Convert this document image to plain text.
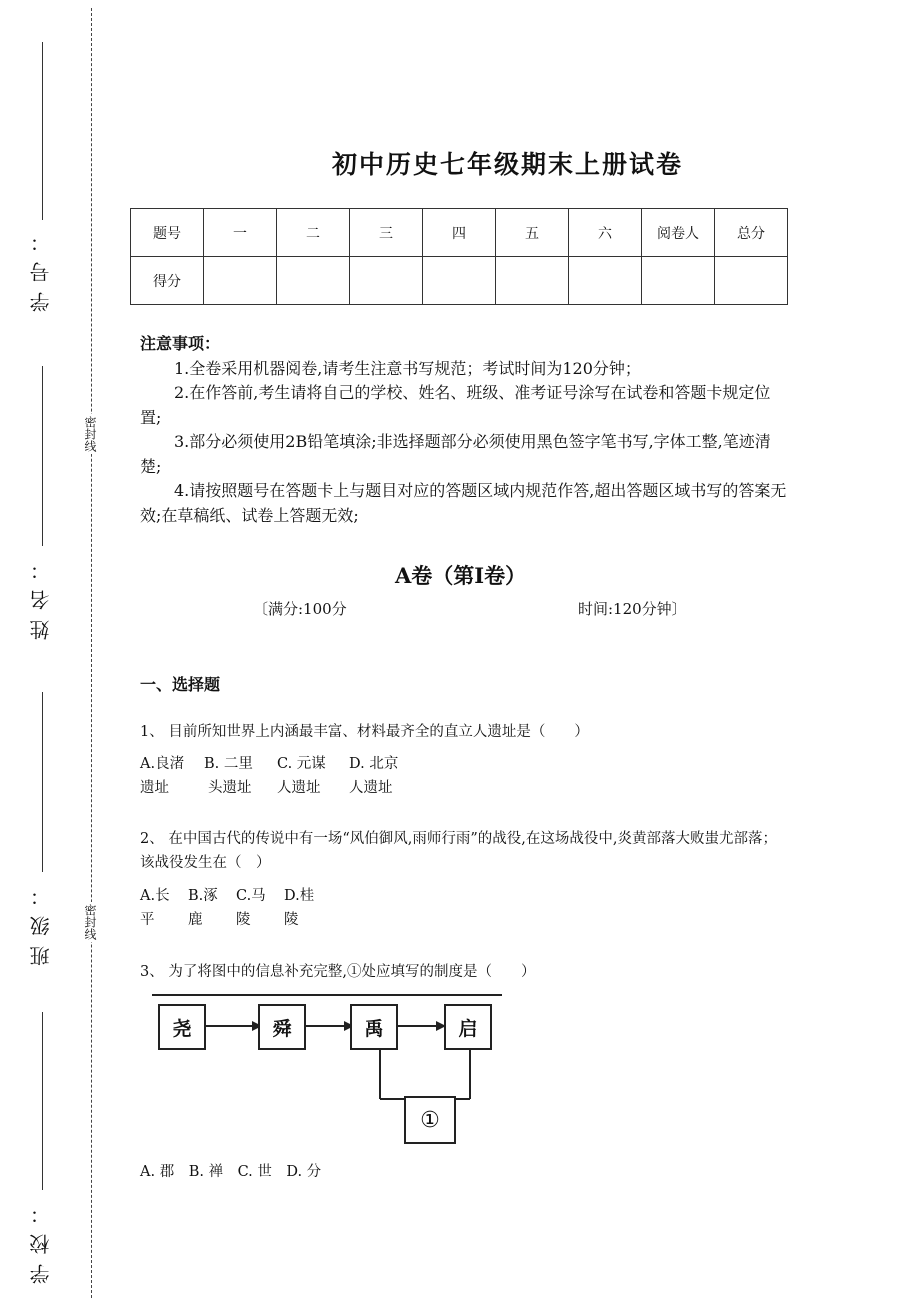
学号：
姓名：
班级：
学校：
密封线
密封线
初中历史七年级期末上册试卷
题号	一	二	三	四	五	六	阅卷人	总分
得分								
注意事项：
1.全卷采用机器阅卷,请考生注意书写规范；考试时间为120分钟；
2.在作答前,考生请将自己的学校、姓名、班级、准考证号涂写在试卷和答题卡规定位置;
3.部分必须使用2B铅笔填涂;非选择题部分必须使用黑色签字笔书写,字体工整,笔迹清楚;
4.请按照题号在答题卡上与题目对应的答题区域内规范作答,超出答题区域书写的答案无效;在草稿纸、试卷上答题无效;
A卷（第Ⅰ卷）
〔满分:100分	时间:120分钟〕
一、选择题
1、 目前所知世界上内涵最丰富、材料最齐全的直立人遗址是（　　）
A.良渚 B. 二里 C. 元谋 D. 北京
遗址	头遗址 人遗址 人遗址
2、 在中国古代的传说中有一场“风伯御风,雨师行雨”的战役,在这场战役中,炎黄部落大败蚩尤部落；该战役发生在（　）
A.长 B.涿 C.马 D.桂
平 鹿 陵 陵
3、 为了将图中的信息补充完整,①处应填写的制度是（　　）
尧	舜	禹	启
①
A. 郡　B. 禅　C. 世　D. 分
